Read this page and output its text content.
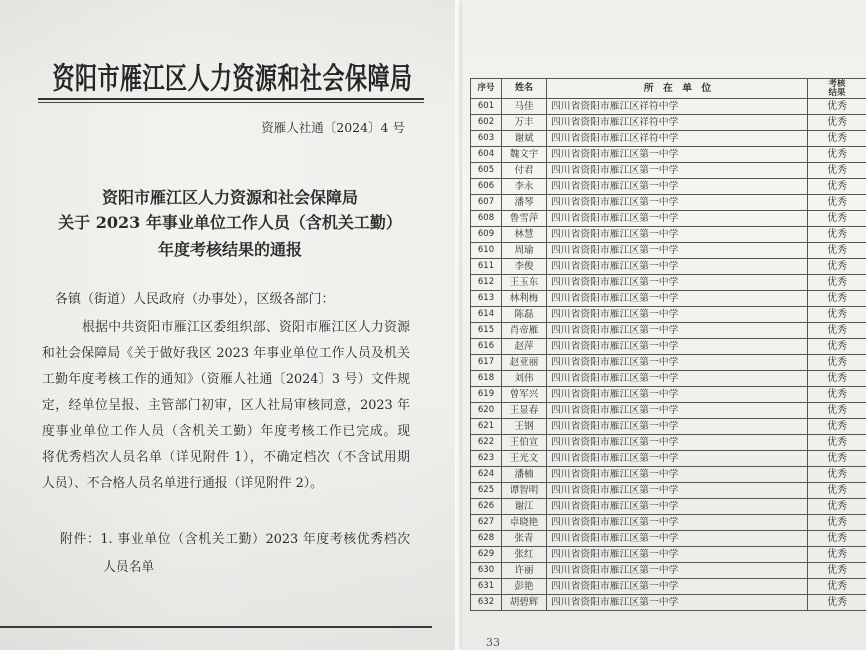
资阳市雁江区人力资源和社会保障局
资雁人社通〔2024〕4 号
资阳市雁江区人力资源和社会保障局
关于 2023 年事业单位工作人员（含机关工勤）
年度考核结果的通报
各镇（街道）人民政府（办事处），区级各部门：
根据中共资阳市雁江区委组织部、资阳市雁江区人力资源
和社会保障局《关于做好我区 2023 年事业单位工作人员及机关
工勤年度考核工作的通知》（资雁人社通〔2024〕3 号）文件规
定，经单位呈报、主管部门初审，区人社局审核同意，2023 年
度事业单位工作人员（含机关工勤）年度考核工作已完成。现
将优秀档次人员名单（详见附件 1），不确定档次（不含试用期
人员）、不合格人员名单进行通报（详见附件 2）。
附件：1. 事业单位（含机关工勤）2023 年度考核优秀档次
人员名单
序号	姓名	所 在 单 位	考核
结果

601	马佳	四川省资阳市雁江区祥符中学	优秀
602	万丰	四川省资阳市雁江区祥符中学	优秀
603	谢斌	四川省资阳市雁江区祥符中学	优秀
604	魏文宇	四川省资阳市雁江区第一中学	优秀
605	付君	四川省资阳市雁江区第一中学	优秀
606	李永	四川省资阳市雁江区第一中学	优秀
607	潘琴	四川省资阳市雁江区第一中学	优秀
608	鲁雪萍	四川省资阳市雁江区第一中学	优秀
609	林慧	四川省资阳市雁江区第一中学	优秀
610	周瑜	四川省资阳市雁江区第一中学	优秀
611	李俊	四川省资阳市雁江区第一中学	优秀
612	王玉东	四川省资阳市雁江区第一中学	优秀
613	林利梅	四川省资阳市雁江区第一中学	优秀
614	陈磊	四川省资阳市雁江区第一中学	优秀
615	肖帝雁	四川省资阳市雁江区第一中学	优秀
616	赵萍	四川省资阳市雁江区第一中学	优秀
617	赵亚丽	四川省资阳市雁江区第一中学	优秀
618	刘伟	四川省资阳市雁江区第一中学	优秀
619	曾军兴	四川省资阳市雁江区第一中学	优秀
620	王显春	四川省资阳市雁江区第一中学	优秀
621	王钢	四川省资阳市雁江区第一中学	优秀
622	王伯宣	四川省资阳市雁江区第一中学	优秀
623	王光文	四川省资阳市雁江区第一中学	优秀
624	潘楠	四川省资阳市雁江区第一中学	优秀
625	谭智明	四川省资阳市雁江区第一中学	优秀
626	谢江	四川省资阳市雁江区第一中学	优秀
627	卓晓艳	四川省资阳市雁江区第一中学	优秀
628	张青	四川省资阳市雁江区第一中学	优秀
629	张红	四川省资阳市雁江区第一中学	优秀
630	许丽	四川省资阳市雁江区第一中学	优秀
631	彭艳	四川省资阳市雁江区第一中学	优秀
632	胡碧辉	四川省资阳市雁江区第一中学	优秀
33
